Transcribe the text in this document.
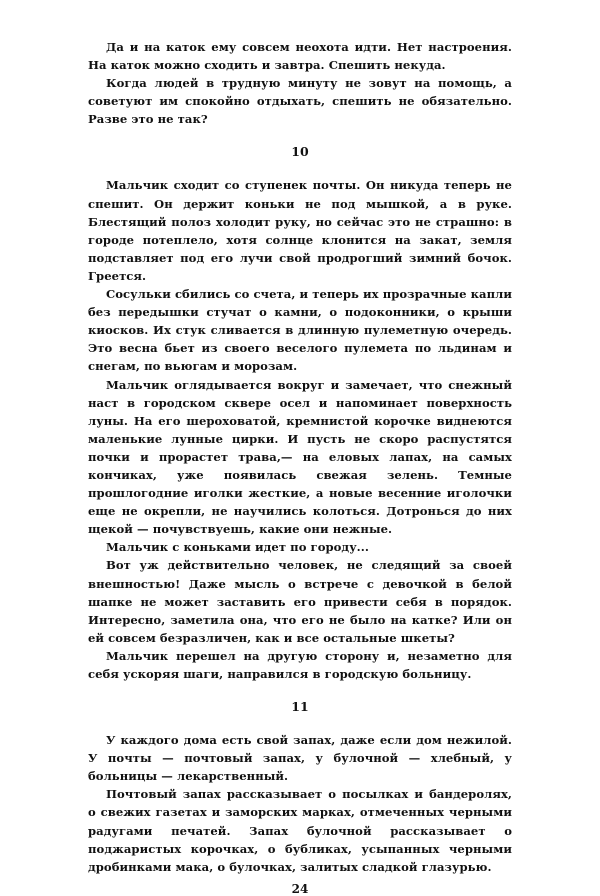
Да и на каток ему совсем неохота идти. Нет настроения. На каток можно сходить и завтра. Спешить некуда.

Когда людей в трудную минуту не зовут на помощь, а советуют им спокойно отдыхать, спешить не обязательно. Разве это не так?

10

Мальчик сходит со ступенек почты. Он никуда теперь не спешит. Он держит коньки не под мышкой, а в руке. Блестящий полоз холодит руку, но сейчас это не страшно: в городе потеплело, хотя солнце клонится на закат, земля подставляет под его лучи свой продрогший зимний бочок. Греется.

Сосульки сбились со счета, и теперь их прозрачные капли без передышки стучат о камни, о подоконники, о крыши киосков. Их стук сливается в длинную пулеметную очередь. Это весна бьет из своего веселого пулемета по льдинам и снегам, по вьюгам и морозам.

Мальчик оглядывается вокруг и замечает, что снежный наст в городском сквере осел и напоминает поверхность луны. На его шероховатой, кремнистой корочке виднеются маленькие лунные цирки. И пусть не скоро распустятся почки и прорастет трава,— на еловых лапах, на самых кончиках, уже появилась свежая зелень. Темные прошлогодние иголки жесткие, а новые весенние иголочки еще не окрепли, не научились колоться. Дотронься до них щекой — почувствуешь, какие они нежные.

Мальчик с коньками идет по городу...

Вот уж действительно человек, не следящий за своей внешностью! Даже мысль о встрече с девочкой в белой шапке не может заставить его привести себя в порядок. Интересно, заметила она, что его не было на катке? Или он ей совсем безразличен, как и все остальные шкеты?

Мальчик перешел на другую сторону и, незаметно для себя ускоряя шаги, направился в городскую больницу.

11

У каждого дома есть свой запах, даже если дом нежилой. У почты — почтовый запах, у булочной — хлебный, у больницы — лекарственный.

Почтовый запах рассказывает о посылках и бандеролях, о свежих газетах и заморских марках, отмеченных черными радугами печатей. Запах булочной рассказывает о поджаристых корочках, о бубликах, усыпанных черными дробинками мака, о булочках, залитых сладкой глазурью.

24
